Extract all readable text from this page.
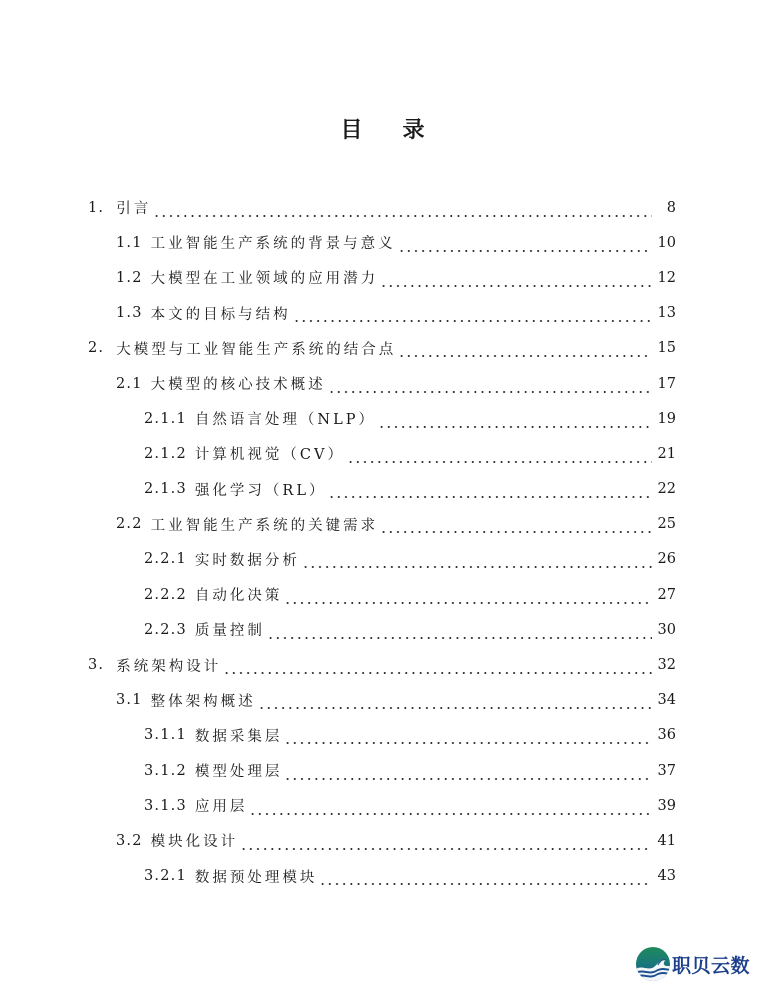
目 录
1. 引言	8
1.1 工业智能生产系统的背景与意义	10
1.2 大模型在工业领域的应用潜力	12
1.3 本文的目标与结构	13
2. 大模型与工业智能生产系统的结合点	15
2.1 大模型的核心技术概述	17
2.1.1 自然语言处理（NLP）	19
2.1.2 计算机视觉（CV）	21
2.1.3 强化学习（RL）	22
2.2 工业智能生产系统的关键需求	25
2.2.1 实时数据分析	26
2.2.2 自动化决策	27
2.2.3 质量控制	30
3. 系统架构设计	32
3.1 整体架构概述	34
3.1.1 数据采集层	36
3.1.2 模型处理层	37
3.1.3 应用层	39
3.2 模块化设计	41
3.2.1 数据预处理模块	43
职贝云数
